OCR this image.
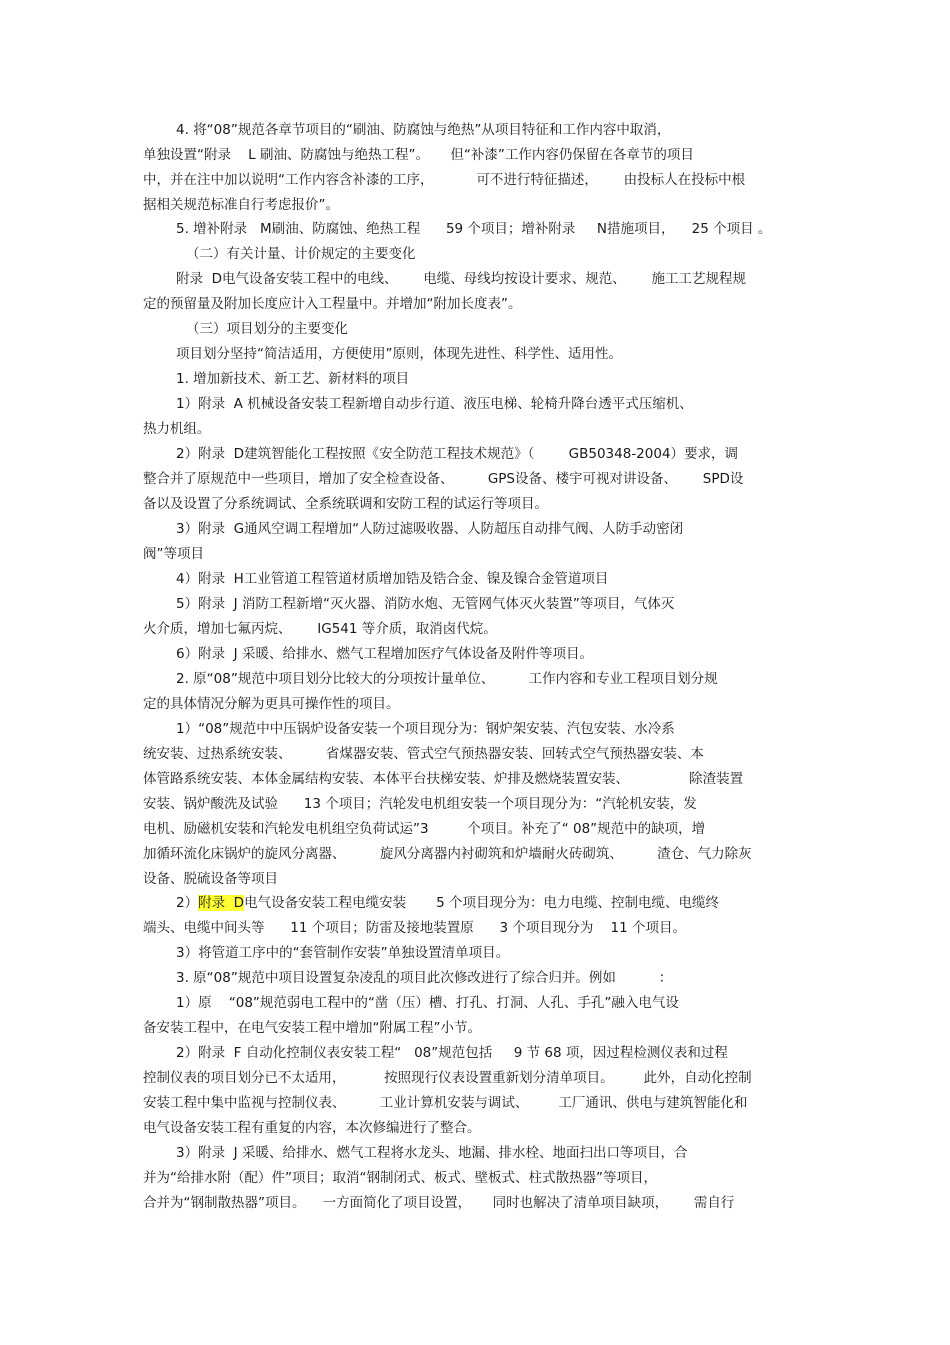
4. 将“08”规范各章节项目的“刷油、防腐蚀与绝热”从项目特征和工作内容中取消，
单独设置“附录    L 刷油、防腐蚀与绝热工程”。     但“补漆”工作内容仍保留在各章节的项目
中，并在注中加以说明“工作内容含补漆的工序，          可不进行特征描述，      由投标人在投标中根
据相关规范标准自行考虑报价”。
5. 增补附录   M刷油、防腐蚀、绝热工程      59 个项目；增补附录     N措施项目，    25 个项目 。
（二）有关计量、计价规定的主要变化
附录  D电气设备安装工程中的电线、      电缆、母线均按设计要求、规范、      施工工艺规程规
定的预留量及附加长度应计入工程量中。并增加“附加长度表”。
（三）项目划分的主要变化
项目划分坚持“简洁适用，方便使用”原则，体现先进性、科学性、适用性。
1. 增加新技术、新工艺、新材料的项目
1）附录  A 机械设备安装工程新增自动步行道、液压电梯、轮椅升降台透平式压缩机、
热力机组。
2）附录  D建筑智能化工程按照《安全防范工程技术规范》（        GB50348-2004）要求，调
整合并了原规范中一些项目，增加了安全检查设备、        GPS设备、楼宇可视对讲设备、      SPD设
备以及设置了分系统调试、全系统联调和安防工程的试运行等项目。
3）附录  G通风空调工程增加“人防过滤吸收器、人防超压自动排气阀、人防手动密闭
阀”等项目
4）附录  H工业管道工程管道材质增加锆及锆合金、镍及镍合金管道项目
5）附录  J 消防工程新增“灭火器、消防水炮、无管网气体灭火装置”等项目，气体灭
火介质，增加七氟丙烷、      IG541 等介质，取消卤代烷。
6）附录  J 采暖、给排水、燃气工程增加医疗气体设备及附件等项目。
2. 原“08”规范中项目划分比较大的分项按计量单位、        工作内容和专业工程项目划分规
定的具体情况分解为更具可操作性的项目。
1）“08”规范中中压锅炉设备安装一个项目现分为：钢炉架安装、汽包安装、水冷系
统安装、过热系统安装、        省煤器安装、管式空气预热器安装、回转式空气预热器安装、本
体管路系统安装、本体金属结构安装、本体平台扶梯安装、炉排及燃烧装置安装、              除渣装置
安装、锅炉酸洗及试验      13 个项目；汽轮发电机组安装一个项目现分为：“汽轮机安装，发
电机、励磁机安装和汽轮发电机组空负荷试运”3         个项目。补充了“ 08”规范中的缺项，增
加循环流化床锅炉的旋风分离器、        旋风分离器内衬砌筑和炉墙耐火砖砌筑、        渣仓、气力除灰
设备、脱硫设备等项目
2）附录  D电气设备安装工程电缆安装       5 个项目现分为：电力电缆、控制电缆、电缆终
端头、电缆中间头等      11 个项目；防雷及接地装置原      3 个项目现分为    11 个项目。
3）将管道工序中的“套管制作安装”单独设置清单项目。
3. 原“08”规范中项目设置复杂凌乱的项目此次修改进行了综合归并。例如          ：
1）原    “08”规范弱电工程中的“凿（压）槽、打孔、打洞、人孔、手孔”融入电气设
备安装工程中，在电气安装工程中增加“附属工程”小节。
2）附录  F 自动化控制仪表安装工程“   08”规范包括     9 节 68 项，因过程检测仪表和过程
控制仪表的项目划分已不太适用，         按照现行仪表设置重新划分清单项目。       此外，自动化控制
安装工程中集中监视与控制仪表、        工业计算机安装与调试、       工厂通讯、供电与建筑智能化和
电气设备安装工程有重复的内容，本次修编进行了整合。
3）附录  J 采暖、给排水、燃气工程将水龙头、地漏、排水栓、地面扫出口等项目，合
并为“给排水附（配）件”项目；取消“钢制闭式、板式、壁板式、柱式散热器”等项目，
合并为“钢制散热器”项目。    一方面简化了项目设置，     同时也解决了清单项目缺项，      需自行
